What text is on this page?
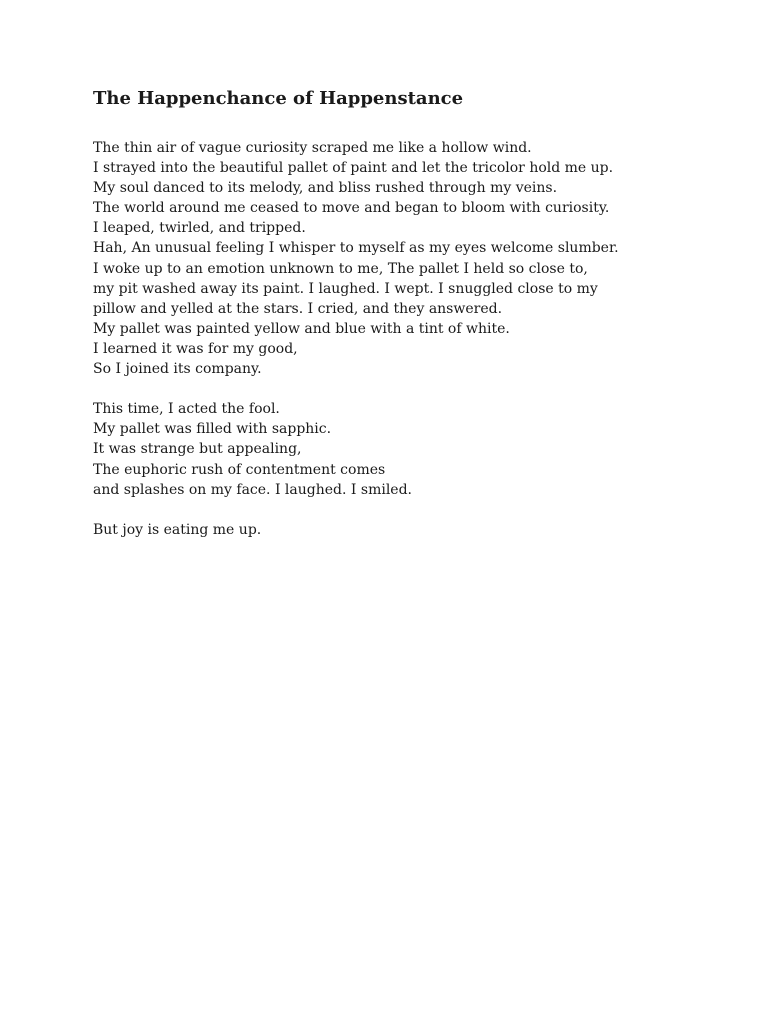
The Happenchance of Happenstance
The thin air of vague curiosity scraped me like a hollow wind.
I strayed into the beautiful pallet of paint and let the tricolor hold me up.
My soul danced to its melody, and bliss rushed through my veins.
The world around me ceased to move and began to bloom with curiosity.
I leaped, twirled, and tripped.
Hah, An unusual feeling I whisper to myself as my eyes welcome slumber.
I woke up to an emotion unknown to me, The pallet I held so close to,
my pit washed away its paint. I laughed. I wept. I snuggled close to my
pillow and yelled at the stars. I cried, and they answered.
My pallet was painted yellow and blue with a tint of white.
I learned it was for my good,
So I joined its company.
This time, I acted the fool.
My pallet was filled with sapphic.
It was strange but appealing,
The euphoric rush of contentment comes
and splashes on my face. I laughed. I smiled.
But joy is eating me up.
